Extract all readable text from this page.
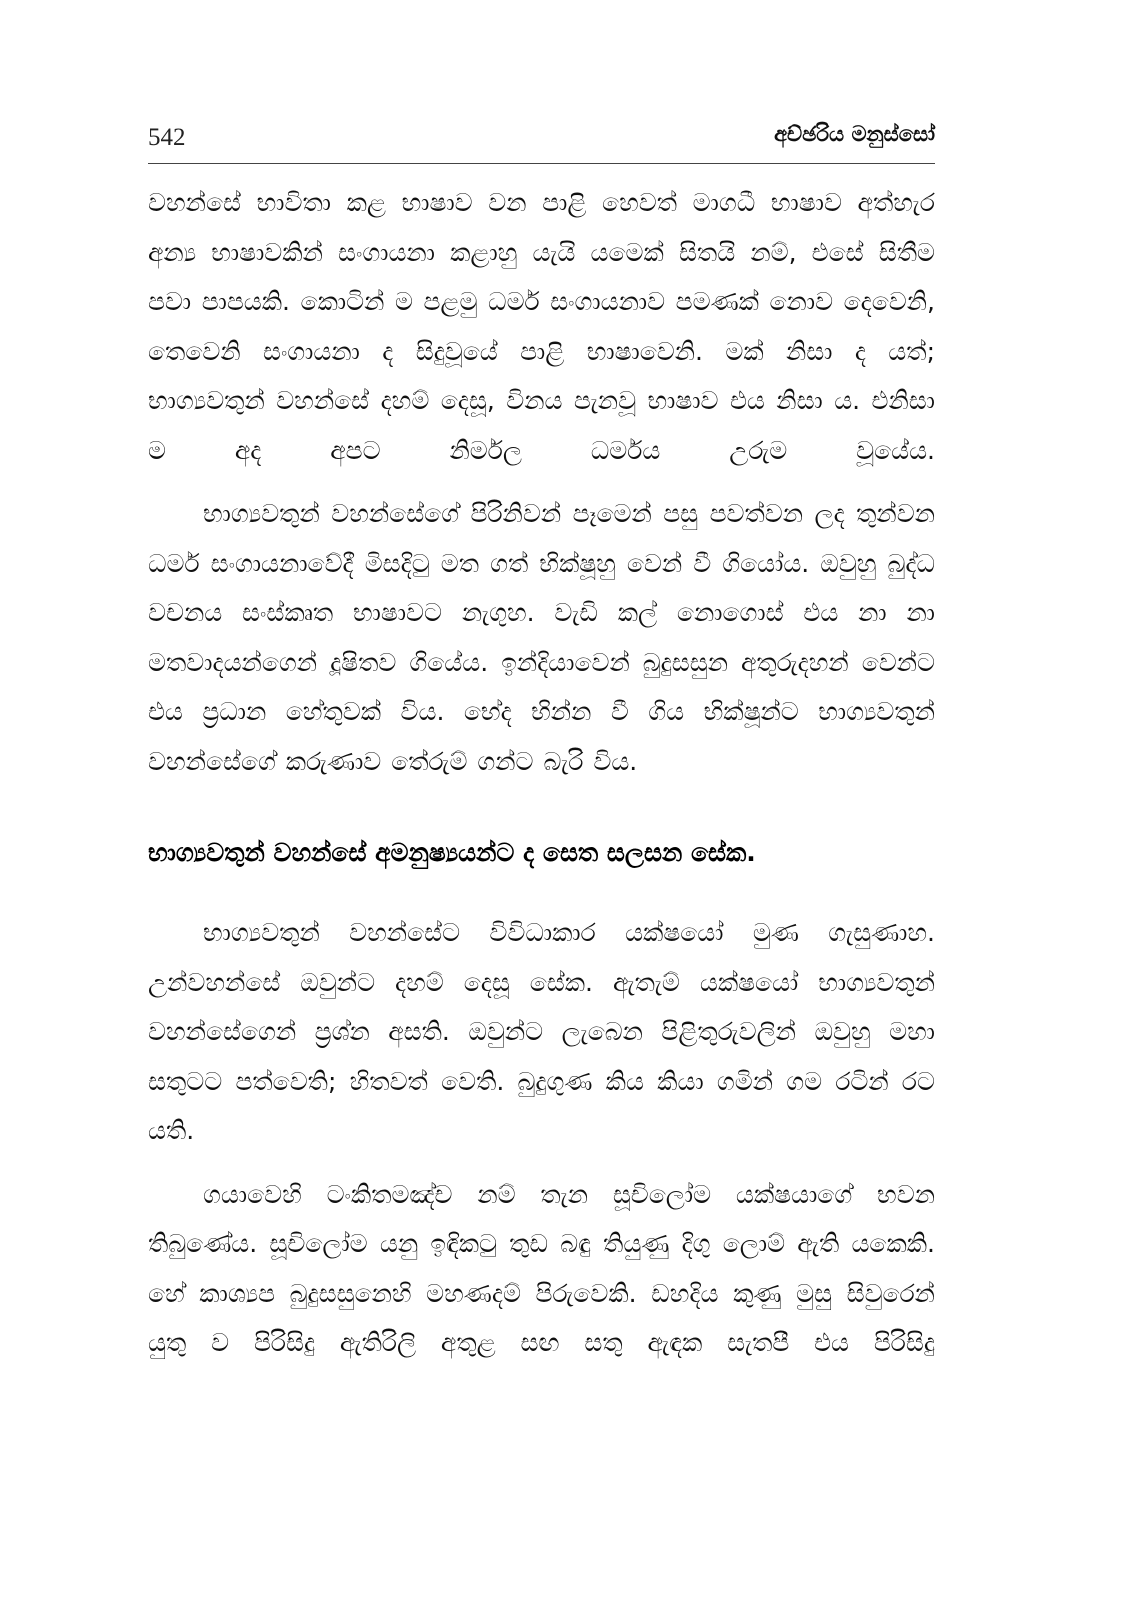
542	අච්ඡරිය මනුස්සෝ

වහන්සේ භාවිතා කළ භාෂාව වන පාළි හෙවත් මාගධී භාෂාව අත්හැර අන්‍ය භාෂාවකින් සංගායනා කළාහු යැයි යමෙක් සිතයි නම්, එසේ සිතීම පවා පාපයකි. කොටින් ම පළමු ධර්ම සංගායනාව පමණක් නොව දෙවෙනි, තෙවෙනි සංගායනා ද සිදුවූයේ පාළි භාෂාවෙනි. මක් නිසා ද යත්; භාග්‍යවතුන් වහන්සේ දහම් දෙසූ, විනය පැනවූ භාෂාව එය නිසා ය. එනිසා ම අද අපට නිර්මල ධර්මය උරුම වූයේය.

භාග්‍යවතුන් වහන්සේගේ පිරිනිවන් පෑමෙන් පසු පවත්වන ලද තුන්වන ධර්ම සංගායනාවේදී මිසදිටු මත ගත් භික්ෂූහු වෙන් වී ගියෝය. ඔවුහු බුද්ධ වචනය සංස්කෘත භාෂාවට නැගුහ. වැඩි කල් නොගොස් එය නා නා මතවාදයන්ගෙන් දූෂිතව ගියේය. ඉන්දියාවෙන් බුදුසසුන අතුරුදහන් වෙන්ට එය ප්‍රධාන හේතුවක් විය. භේද භින්න වී ගිය භික්ෂූන්ට භාග්‍යවතුන් වහන්සේගේ කරුණාව තේරුම් ගන්ට බැරි විය.

භාග්‍යවතුන් වහන්සේ අමනුෂ්‍යයන්ට ද සෙත සලසන සේක.

භාග්‍යවතුන් වහන්සේට විවිධාකාර යක්ෂයෝ මුණ ගැසුණාහ. උන්වහන්සේ ඔවුන්ට දහම් දෙසූ සේක. ඇතැම් යක්ෂයෝ භාග්‍යවතුන් වහන්සේගෙන් ප්‍රශ්න අසති. ඔවුන්ට ලැබෙන පිළිතුරුවලින් ඔවුහු මහා සතුටට පත්වෙති; හිතවත් වෙති. බුදුගුණ කිය කියා ගමින් ගම රටින් රට යති.

ගයාවෙහි ටංකිතමඤ්ච නම් තැන සූචිලෝම යක්ෂයාගේ භවන තිබුණේය. සූචිලෝම යනු ඉඳිකටු තුඩ බඳු තියුණු දිගු ලොම් ඇති යකෙකි. හේ කාශ්‍යප බුදුසසුනෙහි මහණදම් පිරුවෙකි. ඩහදිය කුණු මුසු සිවුරෙන් යුතු ව පිරිසිදු ඇතිරිලි අතුළ සඟ සතු ඇඳක සැතපී එය පිරිසිදු
